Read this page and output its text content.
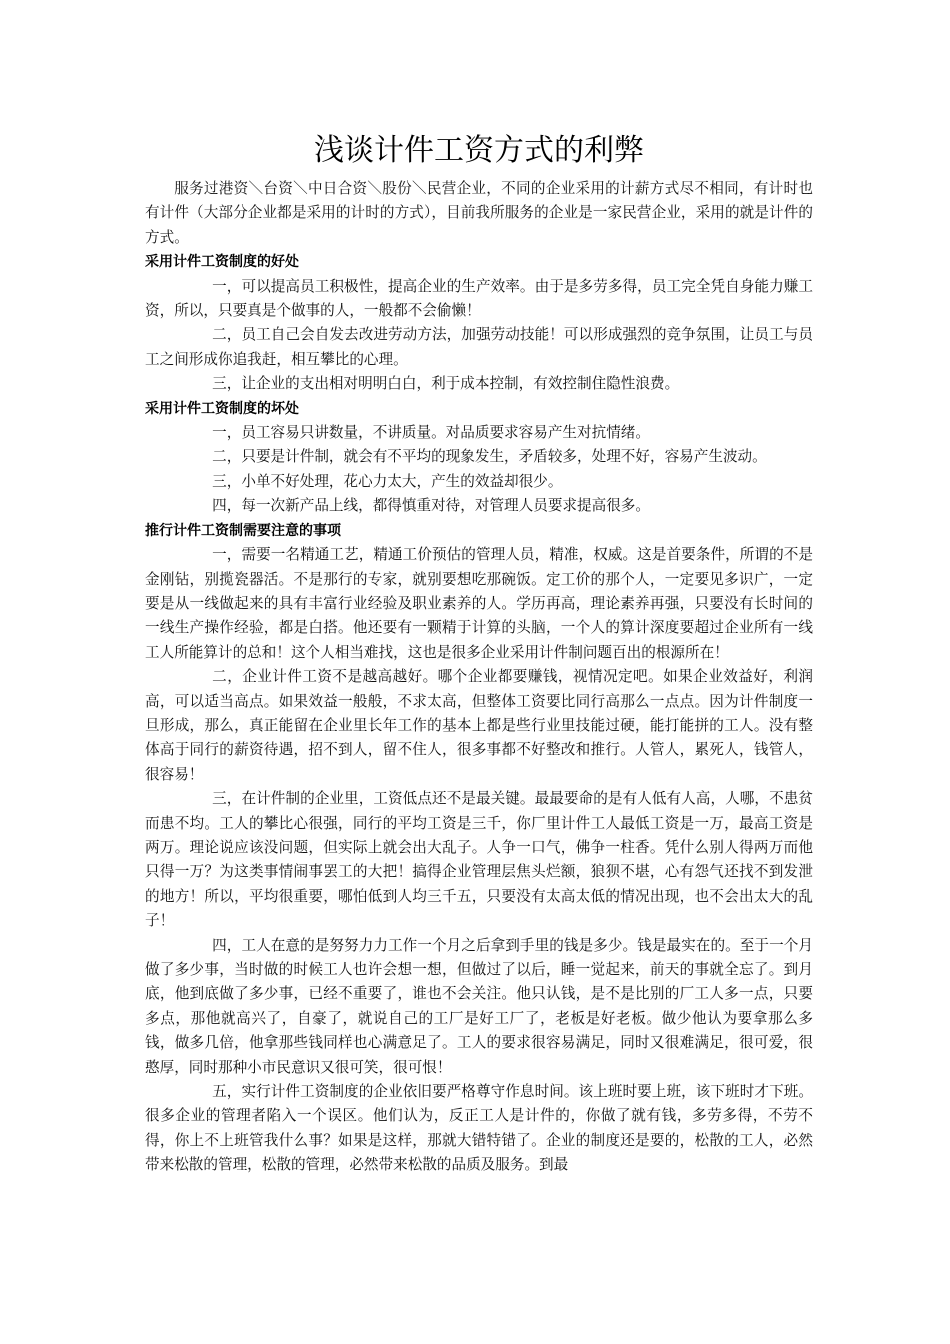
浅谈计件工资方式的利弊

服务过港资＼台资＼中日合资＼股份＼民营企业，不同的企业采用的计薪方式尽不相同，有计时也有计件（大部分企业都是采用的计时的方式），目前我所服务的企业是一家民营企业，采用的就是计件的方式。

采用计件工资制度的好处

一，可以提高员工积极性，提高企业的生产效率。由于是多劳多得，员工完全凭自身能力赚工资，所以，只要真是个做事的人，一般都不会偷懒！

二，员工自己会自发去改进劳动方法，加强劳动技能！可以形成强烈的竞争氛围，让员工与员工之间形成你追我赶，相互攀比的心理。

三，让企业的支出相对明明白白，利于成本控制，有效控制住隐性浪费。

采用计件工资制度的坏处

一，员工容易只讲数量，不讲质量。对品质要求容易产生对抗情绪。

二，只要是计件制，就会有不平均的现象发生，矛盾较多，处理不好，容易产生波动。

三，小单不好处理，花心力太大，产生的效益却很少。

四，每一次新产品上线，都得慎重对待，对管理人员要求提高很多。

推行计件工资制需要注意的事项

一，需要一名精通工艺，精通工价预估的管理人员，精准，权威。这是首要条件，所谓的不是金刚钻，别揽瓷器活。不是那行的专家，就别要想吃那碗饭。定工价的那个人，一定要见多识广，一定要是从一线做起来的具有丰富行业经验及职业素养的人。学历再高，理论素养再强，只要没有长时间的一线生产操作经验，都是白搭。他还要有一颗精于计算的头脑，一个人的算计深度要超过企业所有一线工人所能算计的总和！这个人相当难找，这也是很多企业采用计件制问题百出的根源所在！

二，企业计件工资不是越高越好。哪个企业都要赚钱，视情况定吧。如果企业效益好，利润高，可以适当高点。如果效益一般般，不求太高，但整体工资要比同行高那么一点点。因为计件制度一旦形成，那么，真正能留在企业里长年工作的基本上都是些行业里技能过硬，能打能拼的工人。没有整体高于同行的薪资待遇，招不到人，留不住人，很多事都不好整改和推行。人管人，累死人，钱管人，很容易！

三，在计件制的企业里，工资低点还不是最关键。最最要命的是有人低有人高，人哪，不患贫而患不均。工人的攀比心很强，同行的平均工资是三千，你厂里计件工人最低工资是一万，最高工资是两万。理论说应该没问题，但实际上就会出大乱子。人争一口气，佛争一柱香。凭什么别人得两万而他只得一万？为这类事情闹事罢工的大把！搞得企业管理层焦头烂额，狼狈不堪，心有怨气还找不到发泄的地方！所以，平均很重要，哪怕低到人均三千五，只要没有太高太低的情况出现，也不会出太大的乱子！

四，工人在意的是努努力力工作一个月之后拿到手里的钱是多少。钱是最实在的。至于一个月做了多少事，当时做的时候工人也许会想一想，但做过了以后，睡一觉起来，前天的事就全忘了。到月底，他到底做了多少事，已经不重要了，谁也不会关注。他只认钱，是不是比别的厂工人多一点，只要多点，那他就高兴了，自豪了，就说自己的工厂是好工厂了，老板是好老板。做少他认为要拿那么多钱，做多几倍，他拿那些钱同样也心满意足了。工人的要求很容易满足，同时又很难满足，很可爱，很憨厚，同时那种小市民意识又很可笑，很可恨！

五，实行计件工资制度的企业依旧要严格尊守作息时间。该上班时要上班，该下班时才下班。很多企业的管理者陷入一个误区。他们认为，反正工人是计件的，你做了就有钱，多劳多得，不劳不得，你上不上班管我什么事？如果是这样，那就大错特错了。企业的制度还是要的，松散的工人，必然带来松散的管理，松散的管理，必然带来松散的品质及服务。到最
